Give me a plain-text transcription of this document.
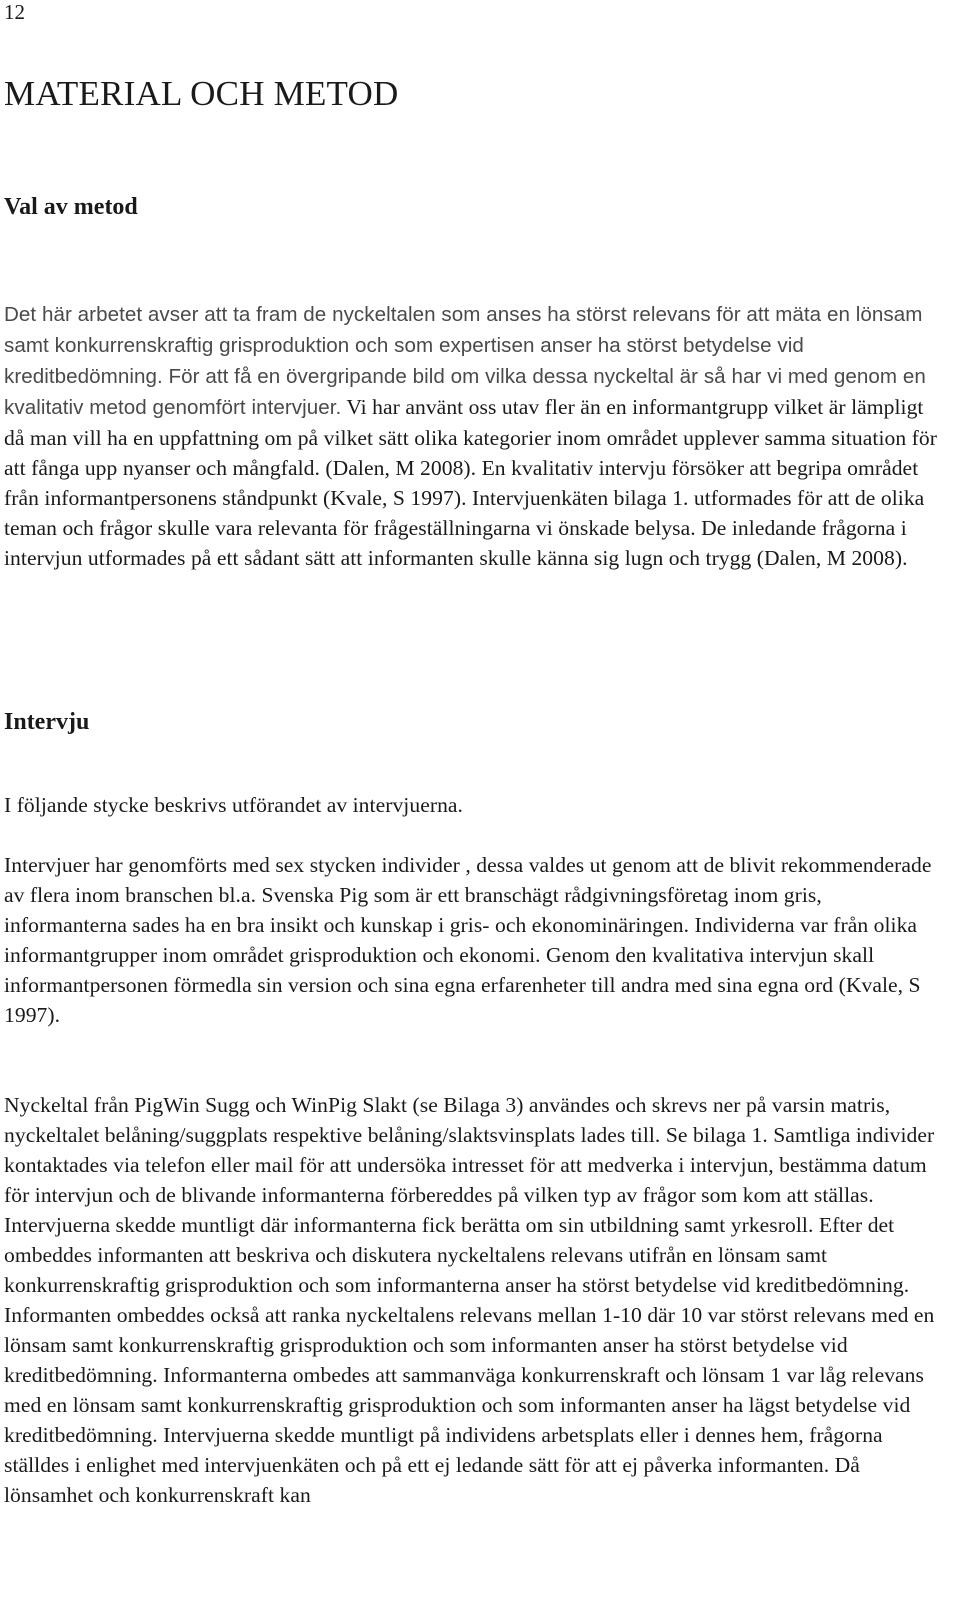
12
MATERIAL OCH METOD
Val av metod

Det här arbetet avser att ta fram de nyckeltalen som anses ha störst relevans för att mäta en lönsam samt konkurrenskraftig grisproduktion och som expertisen anser ha störst betydelse vid kreditbedömning. För att få en övergripande bild om vilka dessa nyckeltal är så har vi med genom en kvalitativ metod genomfört intervjuer. Vi har använt oss utav fler än en informantgrupp vilket är lämpligt då man vill ha en uppfattning om på vilket sätt olika kategorier inom området upplever samma situation för att fånga upp nyanser och mångfald. (Dalen, M 2008). En kvalitativ intervju försöker att begripa området från informantpersonens ståndpunkt (Kvale, S 1997). Intervjuenkäten bilaga 1. utformades för att de olika teman och frågor skulle vara relevanta för frågeställningarna vi önskade belysa. De inledande frågorna i intervjun utformades på ett sådant sätt att informanten skulle känna sig lugn och trygg (Dalen, M 2008).

Intervju

I följande stycke beskrivs utförandet av intervjuerna.

Intervjuer har genomförts med sex stycken individer , dessa valdes ut genom att de blivit rekommenderade av flera inom branschen bl.a. Svenska Pig som är ett branschägt rådgivningsföretag inom gris, informanterna sades ha en bra insikt och kunskap i gris- och ekonominäringen. Individerna var från olika informantgrupper inom området grisproduktion och ekonomi. Genom den kvalitativa intervjun skall informantpersonen förmedla sin version och sina egna erfarenheter till andra med sina egna ord (Kvale, S 1997).

Nyckeltal från PigWin Sugg och WinPig Slakt (se Bilaga 3) användes och skrevs ner på varsin matris, nyckeltalet belåning/suggplats respektive belåning/slaktsvinsplats lades till. Se bilaga 1. Samtliga individer kontaktades via telefon eller mail för att undersöka intresset för att medverka i intervjun, bestämma datum för intervjun och de blivande informanterna förbereddes på vilken typ av frågor som kom att ställas. Intervjuerna skedde muntligt där informanterna fick berätta om sin utbildning samt yrkesroll. Efter det ombeddes informanten att beskriva och diskutera nyckeltalens relevans utifrån en lönsam samt konkurrenskraftig grisproduktion och som informanterna anser ha störst betydelse vid kreditbedömning. Informanten ombeddes också att ranka nyckeltalens relevans mellan 1-10 där 10 var störst relevans med en lönsam samt konkurrenskraftig grisproduktion och som informanten anser ha störst betydelse vid kreditbedömning. Informanterna ombedes att sammanväga konkurrenskraft och lönsam 1 var låg relevans med en lönsam samt konkurrenskraftig grisproduktion och som informanten anser ha lägst betydelse vid kreditbedömning. Intervjuerna skedde muntligt på individens arbetsplats eller i dennes hem, frågorna ställdes i enlighet med intervjuenkäten och på ett ej ledande sätt för att ej påverka informanten. Då lönsamhet och konkurrenskraft kan
